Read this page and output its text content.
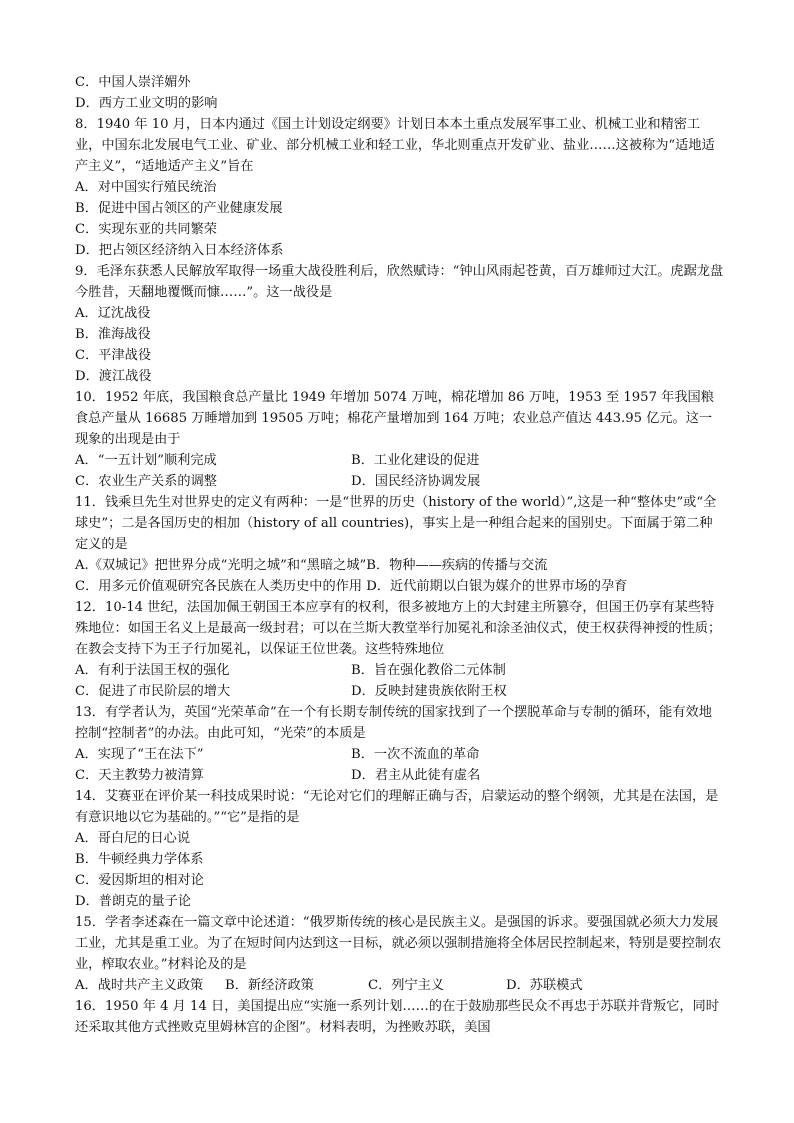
C．中国人崇洋媚外
D．西方工业文明的影响
8．1940 年 10 月，日本内通过《国土计划设定纲要》计划日本本土重点发展军事工业、机械工业和精密工业，中国东北发展电气工业、矿业、部分机械工业和轻工业，华北则重点开发矿业、盐业……这被称为“适地适产主义”，“适地适产主义”旨在
A．对中国实行殖民统治
B．促进中国占领区的产业健康发展
C．实现东亚的共同繁荣
D．把占领区经济纳入日本经济体系
9．毛泽东获悉人民解放军取得一场重大战役胜利后，欣然赋诗：“钟山风雨起苍黄，百万雄师过大江。虎踞龙盘今胜昔，天翻地覆慨而慷……”。这一战役是
A．辽沈战役
B．淮海战役
C．平津战役
D．渡江战役
10．1952 年底，我国粮食总产量比 1949 年增加 5074 万吨，棉花增加 86 万吨，1953 至 1957 年我国粮食总产量从 16685 万睡增加到 19505 万吨；棉花产量增加到 164 万吨；农业总产值达 443.95 亿元。这一现象的出现是由于
A．“一五计划”顺利完成	B．工业化建设的促进
C．农业生产关系的调整	D．国民经济协调发展
11．钱乘旦先生对世界史的定义有两种：一是“世界的历史（history of the world）”,这是一种“整体史”或“全球史”；二是各国历史的相加（history of all countries)，事实上是一种组合起来的国别史。下面属于第二种定义的是
A.《双城记》把世界分成“光明之城”和“黑暗之城”B．物种——疾病的传播与交流
C．用多元价值观研究各民族在人类历史中的作用 D．近代前期以白银为媒介的世界市场的孕育
12．10-14 世纪，法国加佩王朝国王本应享有的权利，很多被地方上的大封建主所篡夺，但国王仍享有某些特殊地位：如国王名义上是最高一级封君；可以在兰斯大教堂举行加冕礼和涂圣油仪式，使王权获得神授的性质；在教会支持下为王子行加冕礼，以保证王位世袭。这些特殊地位
A．有利于法国王权的强化	B．旨在强化教俗二元体制
C．促进了市民阶层的增大	D．反映封建贵族依附王权
13．有学者认为，英国“光荣革命”在一个有长期专制传统的国家找到了一个摆脱革命与专制的循环，能有效地控制“控制者”的办法。由此可知，“光荣”的本质是
A．实现了“王在法下”	B．一次不流血的革命
C．天主教势力被清算	D．君主从此徒有虚名
14．艾赛亚在评价某一科技成果时说：“无论对它们的理解正确与否，启蒙运动的整个纲领，尤其是在法国，是有意识地以它为基础的。”“它”是指的是
A．哥白尼的日心说
B．牛顿经典力学体系
C．爱因斯坦的相对论
D．普朗克的量子论
15．学者李述森在一篇文章中论述道：“俄罗斯传统的核心是民族主义。是强国的诉求。要强国就必须大力发展工业，尤其是重工业。为了在短时间内达到这一目标，就必须以强制措施将全体居民控制起来，特别是要控制农业，榨取农业。”材料论及的是
A．战时共产主义政策	B．新经济政策	C．列宁主义	D．苏联模式
16．1950 年 4 月 14 日，美国提出应“实施一系列计划……的在于鼓励那些民众不再忠于苏联并背叛它，同时还采取其他方式挫败克里姆林宫的企图”。材料表明，为挫败苏联，美国
